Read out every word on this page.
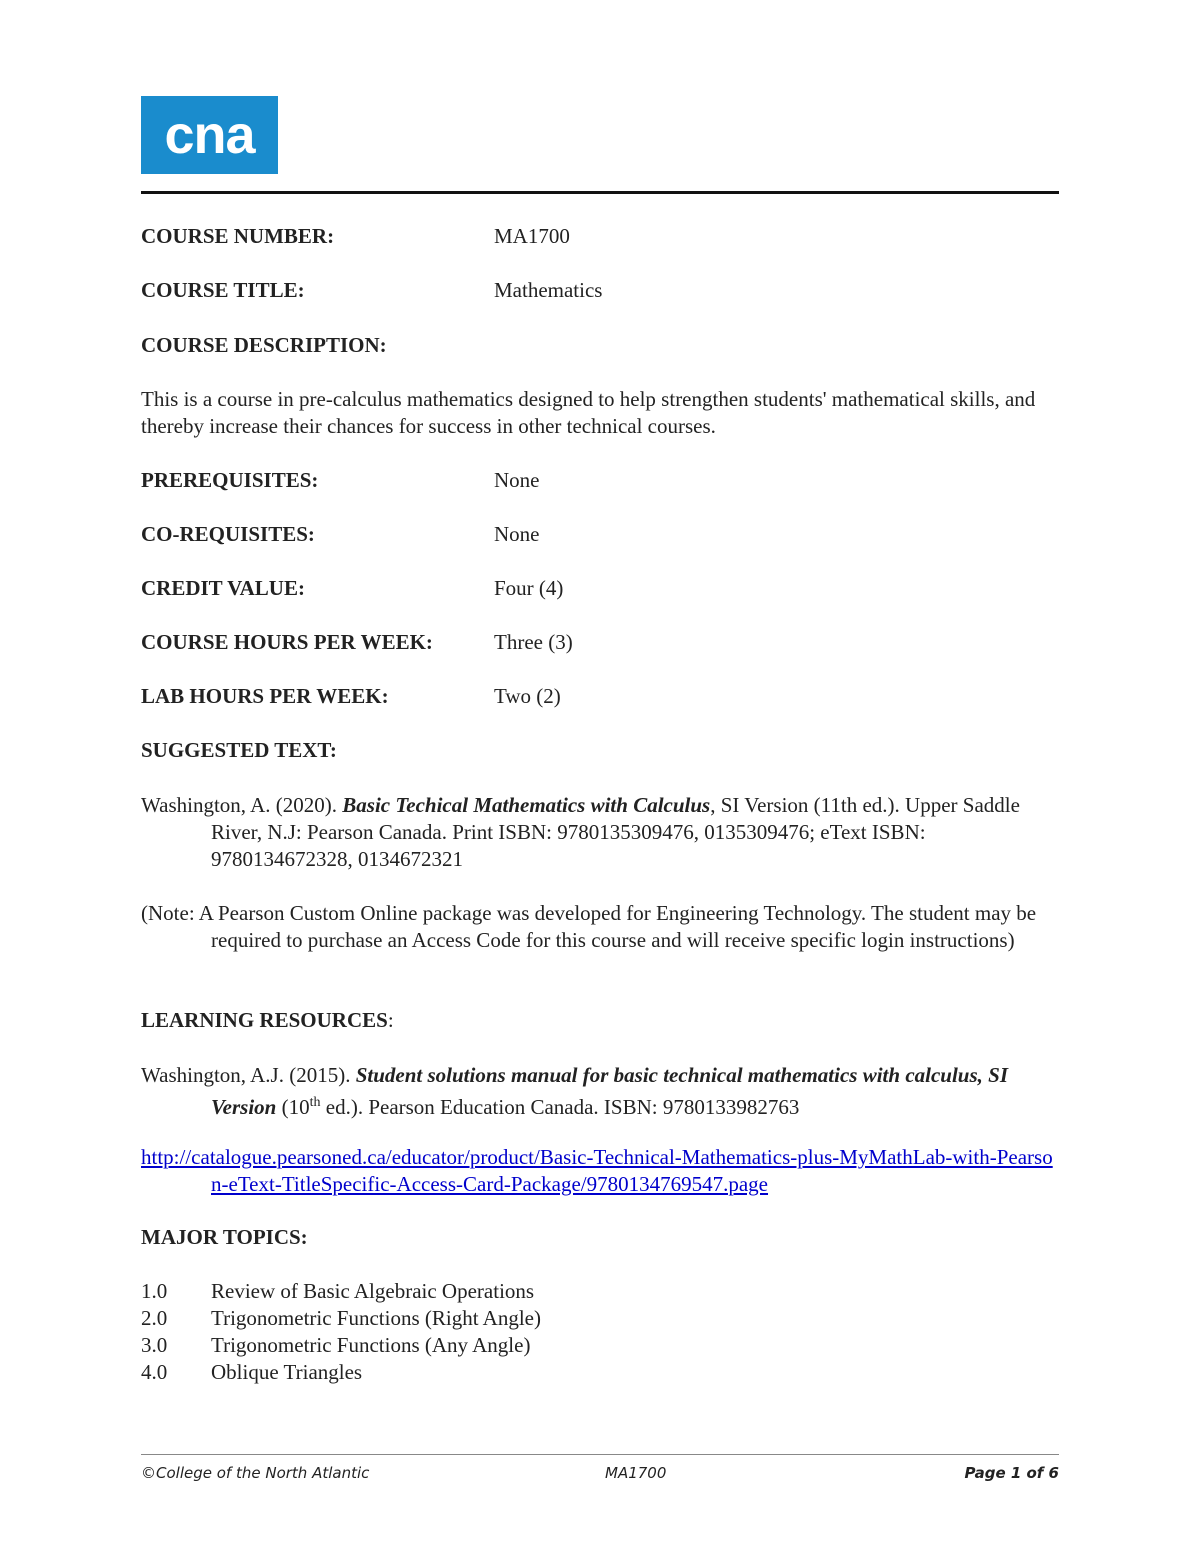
cna
COURSE NUMBER:	MA1700
COURSE TITLE:	Mathematics
COURSE DESCRIPTION:
This is a course in pre-calculus mathematics designed to help strengthen students' mathematical skills, and thereby increase their chances for success in other technical courses.
PREREQUISITES:	None
CO-REQUISITES:	None
CREDIT VALUE:	Four (4)
COURSE HOURS PER WEEK:	Three (3)
LAB HOURS PER WEEK:	Two (2)
SUGGESTED TEXT:
Washington, A. (2020). Basic Techical Mathematics with Calculus, SI Version (11th ed.). Upper Saddle River, N.J: Pearson Canada. Print ISBN: 9780135309476, 0135309476; eText ISBN: 9780134672328, 0134672321
(Note: A Pearson Custom Online package was developed for Engineering Technology. The student may be required to purchase an Access Code for this course and will receive specific login instructions)
LEARNING RESOURCES:
Washington, A.J. (2015). Student solutions manual for basic technical mathematics with calculus, SI Version (10th ed.). Pearson Education Canada. ISBN: 9780133982763
http://catalogue.pearsoned.ca/educator/product/Basic-Technical-Mathematics-plus-MyMathLab-with-Pearson-eText-TitleSpecific-Access-Card-Package/9780134769547.page
MAJOR TOPICS:
1.0 Review of Basic Algebraic Operations
2.0 Trigonometric Functions (Right Angle)
3.0 Trigonometric Functions (Any Angle)
4.0 Oblique Triangles
©College of the North Atlantic	MA1700	Page 1 of 6
